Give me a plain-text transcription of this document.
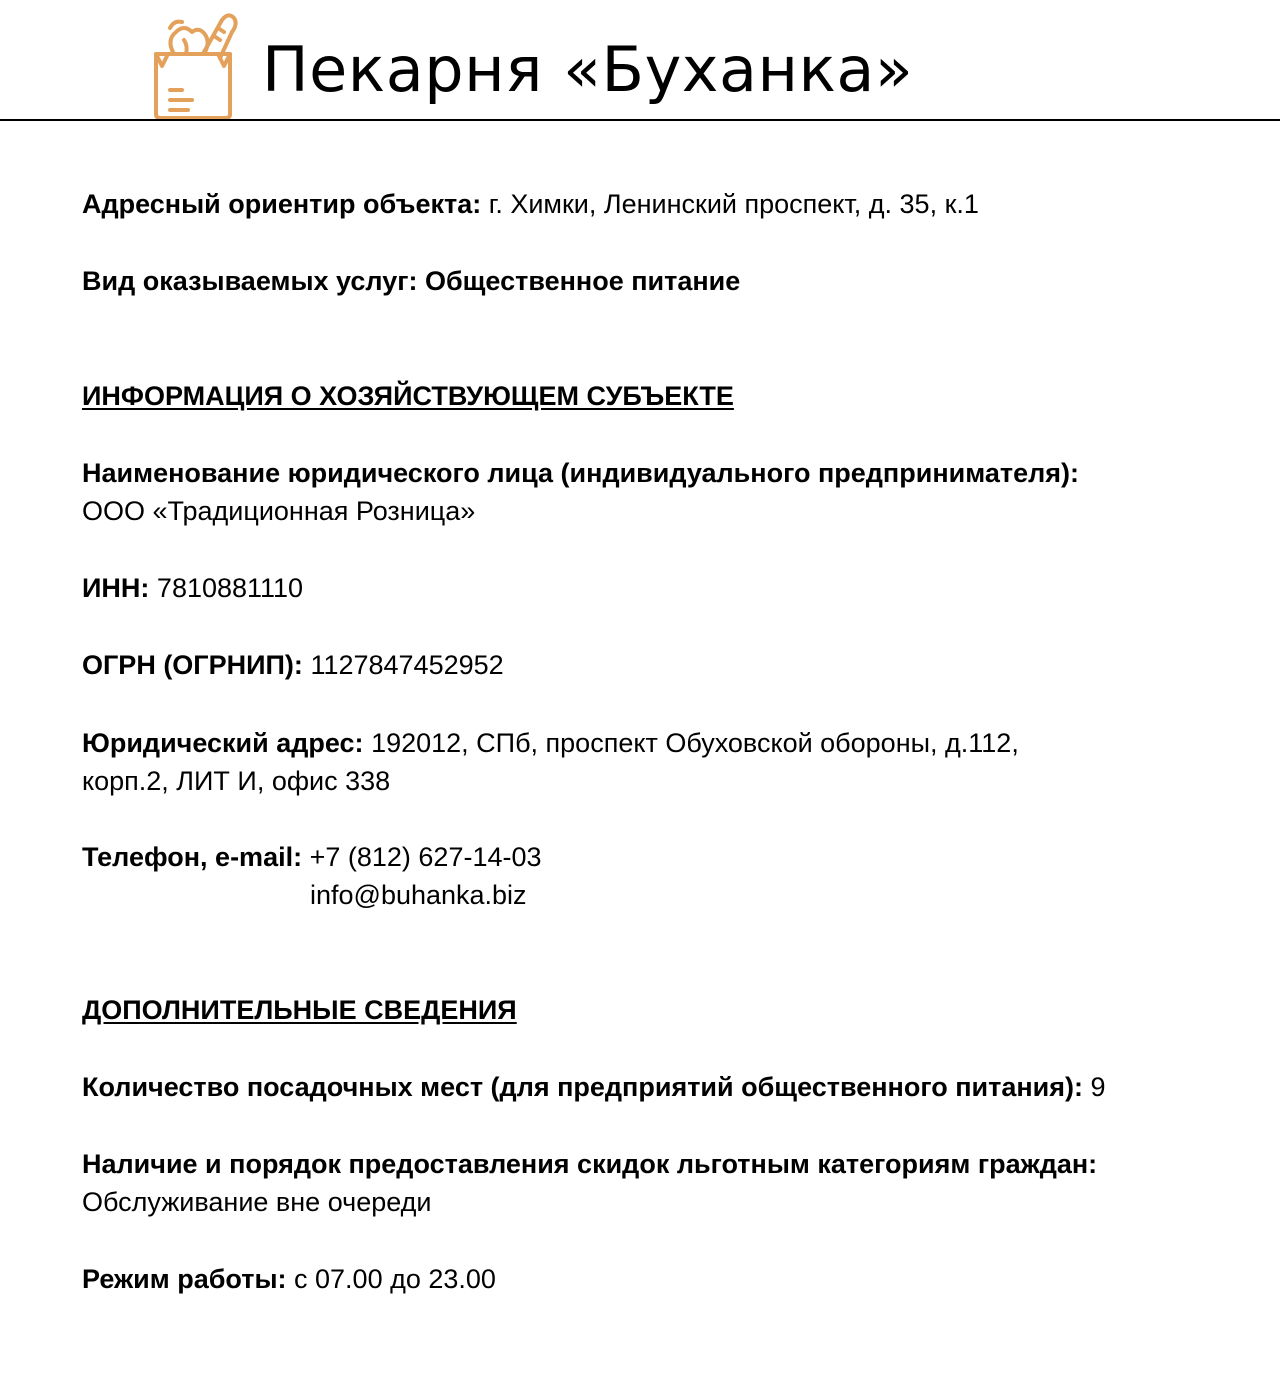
Пекарня «Буханка»
Адресный ориентир объекта: г. Химки, Ленинский проспект, д. 35, к.1
Вид оказываемых услуг: Общественное питание
ИНФОРМАЦИЯ О ХОЗЯЙСТВУЮЩЕМ СУБЪЕКТЕ
Наименование юридического лица (индивидуального предпринимателя):
ООО «Традиционная Розница»
ИНН: 7810881110
ОГРН (ОГРНИП): 1127847452952
Юридический адрес: 192012, СПб, проспект Обуховской обороны, д.112,
корп.2, ЛИТ И, офис 338
Телефон, e-mail: +7 (812) 627-14-03
info@buhanka.biz
ДОПОЛНИТЕЛЬНЫЕ СВЕДЕНИЯ
Количество посадочных мест (для предприятий общественного питания): 9
Наличие и порядок предоставления скидок льготным категориям граждан:
Обслуживание вне очереди
Режим работы: с 07.00 до 23.00
